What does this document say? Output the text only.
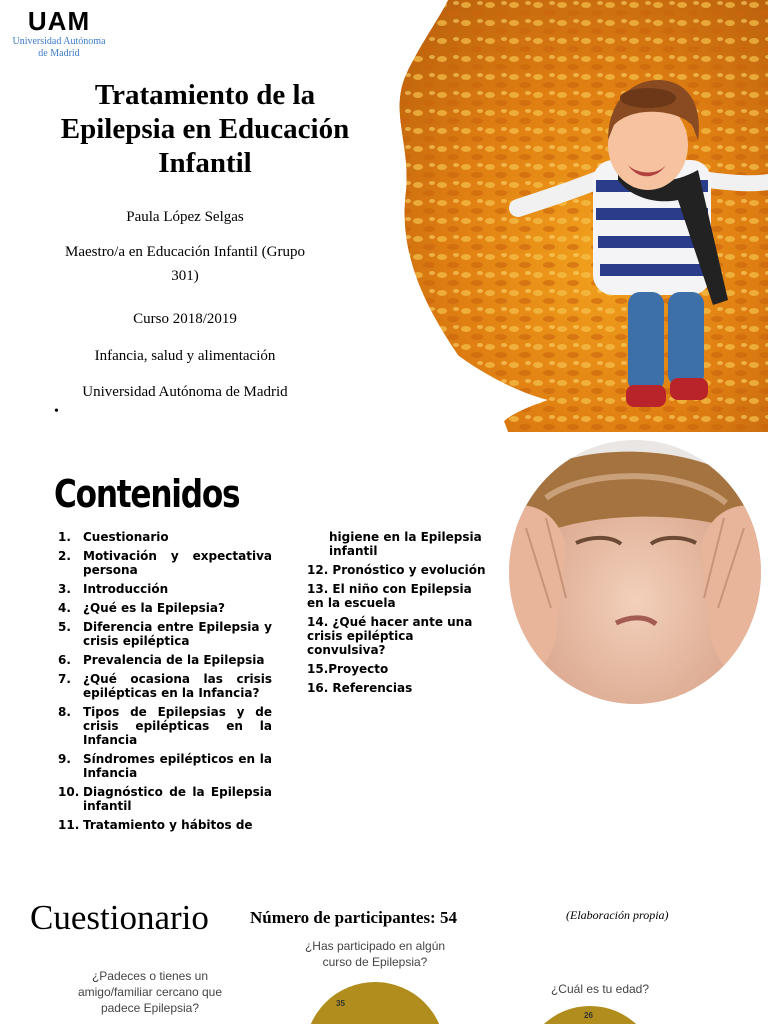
UAM
Universidad Autónoma
de Madrid
Tratamiento de la
Epilepsia en Educación
Infantil
Paula López Selgas
Maestro/a en Educación Infantil (Grupo
301)
Curso 2018/2019
Infancia, salud y alimentación
Universidad Autónoma de Madrid
•
Contenidos
1.	Cuestionario
2.	Motivación y expectativa persona
3.	Introducción
4.	¿Qué es la Epilepsia?
5.	Diferencia entre Epilepsia y crisis epiléptica
6.	Prevalencia de la Epilepsia
7.	¿Qué ocasiona las crisis epilépticas en la Infancia?
8.	Tipos de Epilepsias y de crisis epilépticas en la Infancia
9.	Síndromes epilépticos en la Infancia
10. Diagnóstico de la Epilepsia infantil
11. Tratamiento y hábitos de
higiene en la Epilepsia infantil
12. Pronóstico y evolución
13. El niño con Epilepsia en la escuela
14. ¿Qué hacer ante una crisis epiléptica convulsiva?
15.Proyecto
16. Referencias
Cuestionario Número de participantes: 54	(Elaboración propia)
¿Padeces o tienes un
amigo/familiar cercano que
padece Epilepsia?
¿Has participado en algún
curso de Epilepsia?
¿Cuál es tu edad?
35
26
